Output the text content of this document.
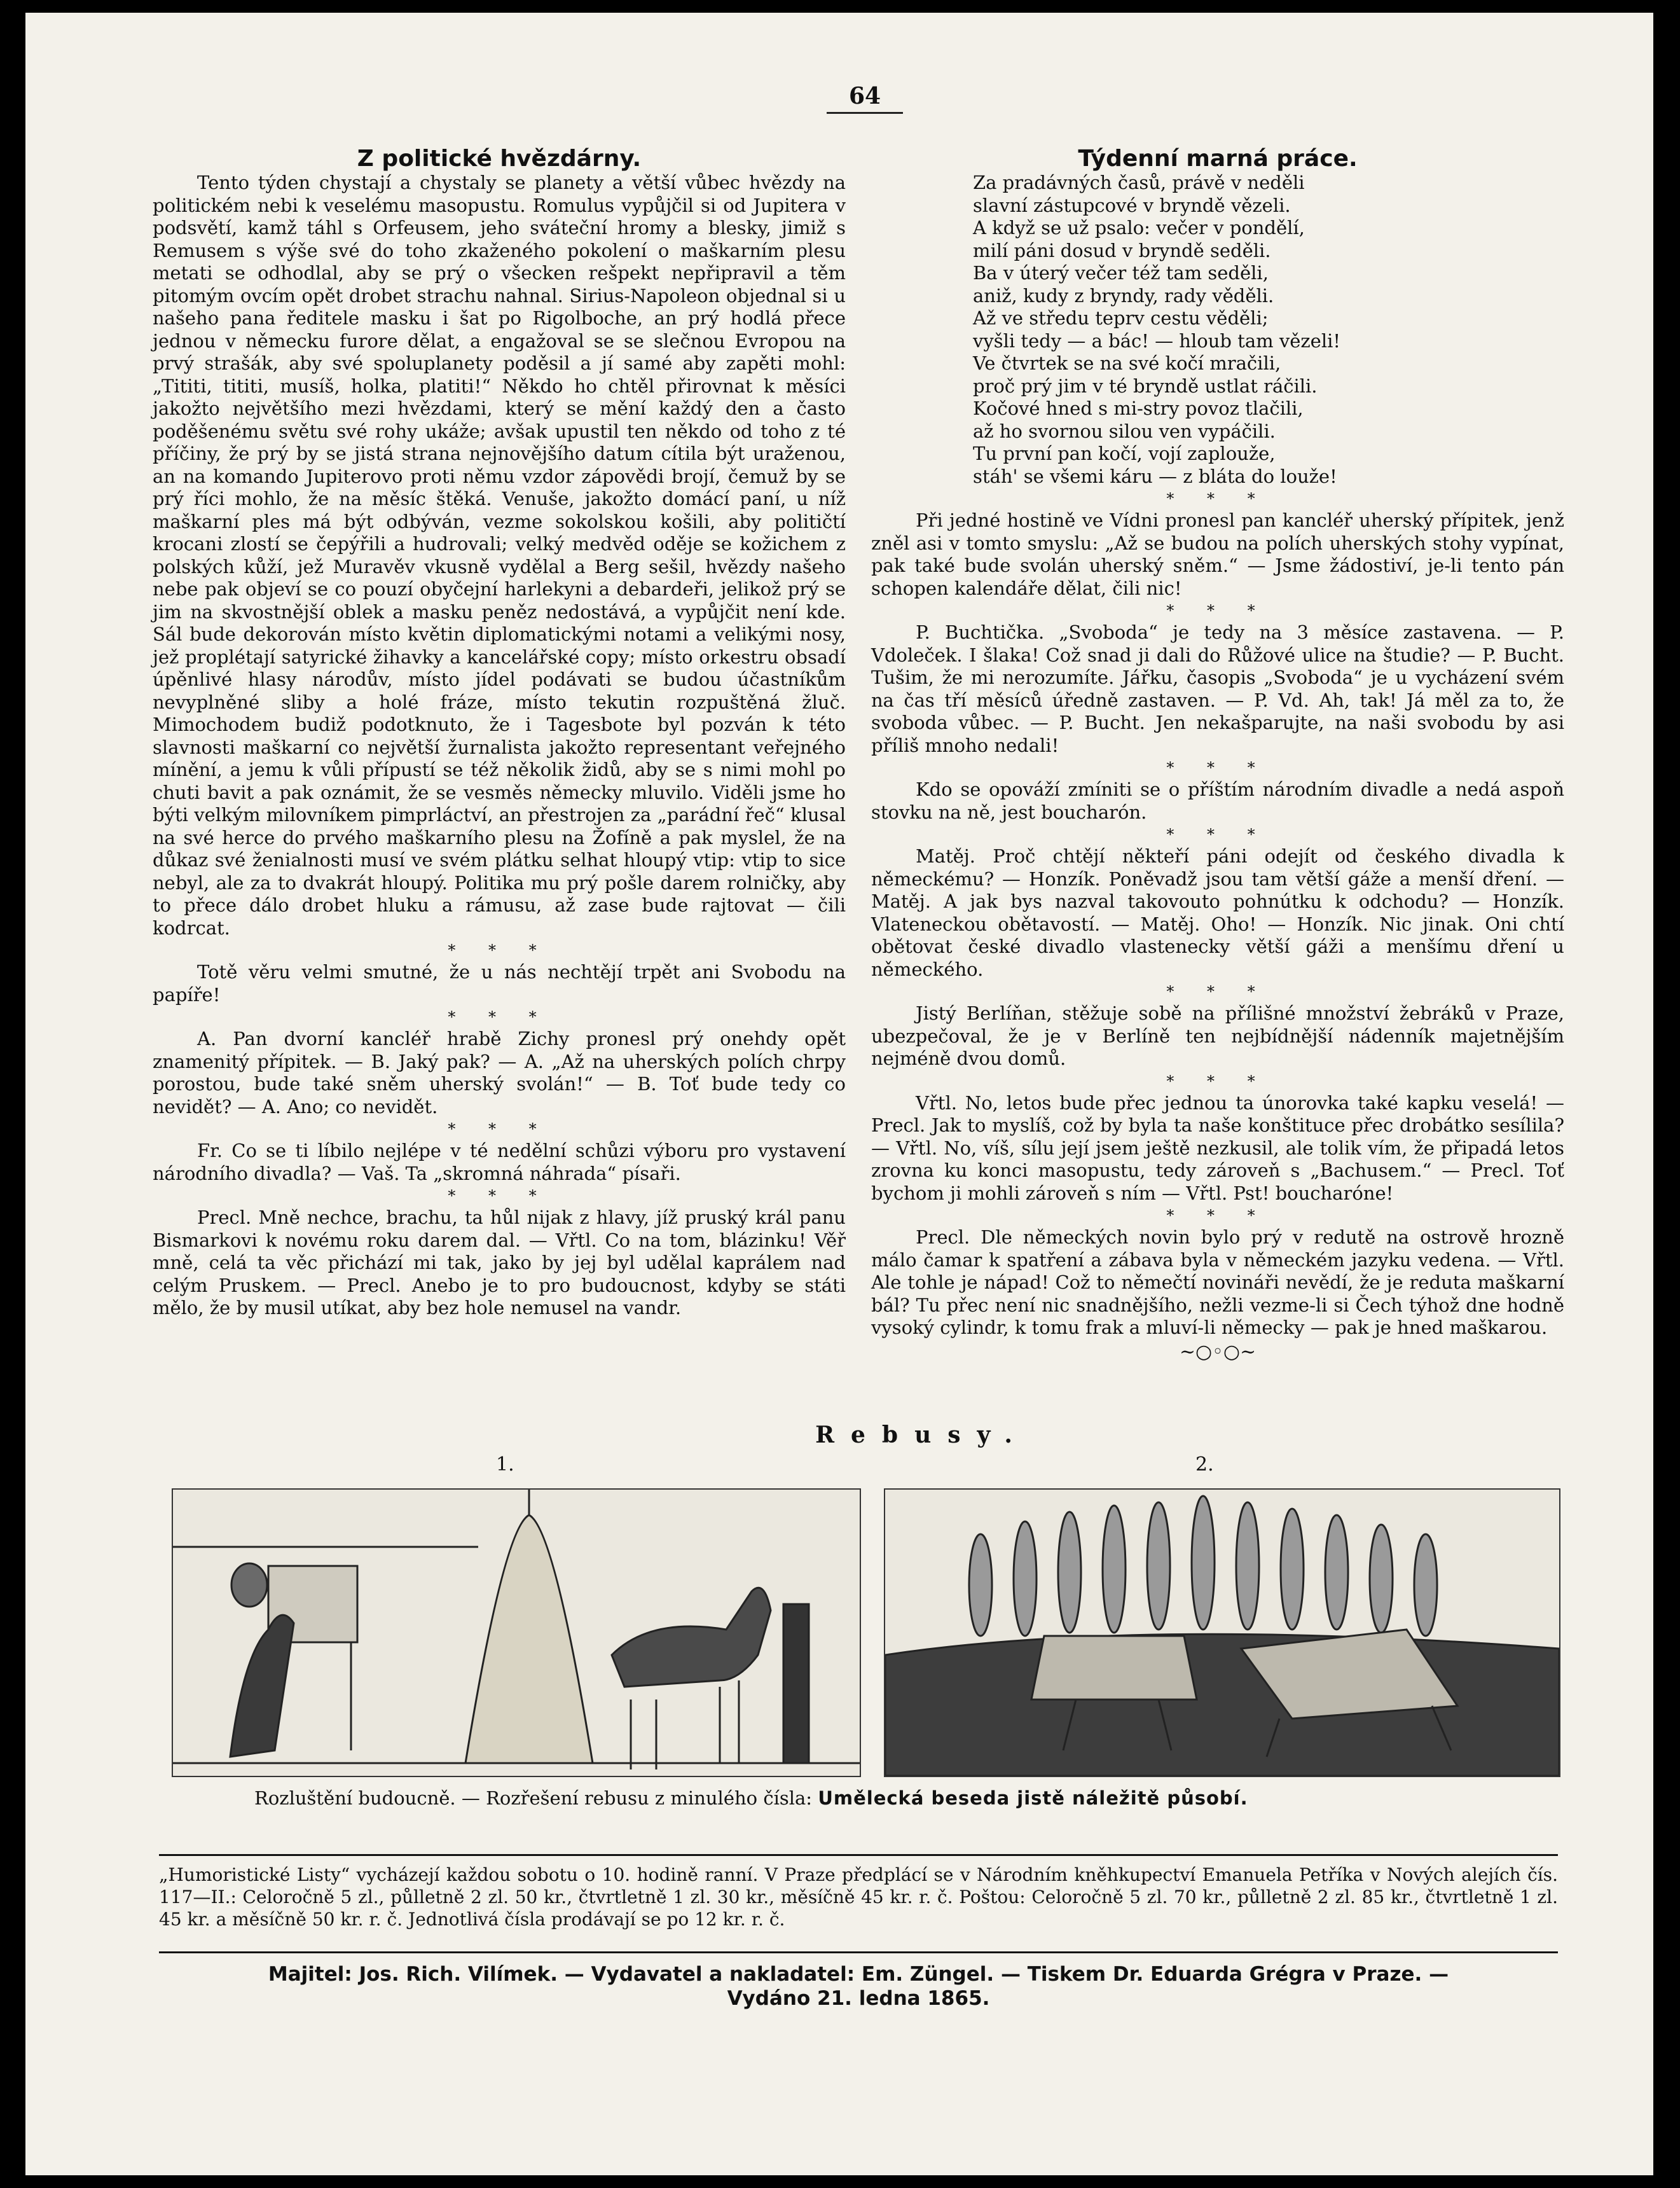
64
Z politické hvězdárny.

Tento týden chystají a chystaly se planety a větší vůbec hvězdy na politickém nebi k veselému masopustu. Romulus vypůjčil si od Jupitera v podsvětí, kamž táhl s Orfeusem, jeho sváteční hromy a blesky, jimiž s Remusem s výše své do toho zkaženého pokolení o maškarním plesu metati se odhodlal, aby se prý o všecken rešpekt nepřipravil a těm pitomým ovcím opět drobet strachu nahnal. Sirius-Napoleon objednal si u našeho pana ředitele masku i šat po Rigolboche, an prý hodlá přece jednou v německu furore dělat, a engažoval se se slečnou Evropou na prvý strašák, aby své spoluplanety poděsil a jí samé aby zapěti mohl: „Tititi, tititi, musíš, holka, platiti!“ Někdo ho chtěl přirovnat k měsíci jakožto největšího mezi hvězdami, který se mění každý den a často poděšenému světu své rohy ukáže; avšak upustil ten někdo od toho z té příčiny, že prý by se jistá strana nejnovějšího datum cítila být uraženou, an na komando Jupiterovo proti němu vzdor zápovědi brojí, čemuž by se prý říci mohlo, že na měsíc štěká. Venuše, jakožto domácí paní, u níž maškarní ples má být odbýván, vezme sokolskou košili, aby političtí krocani zlostí se čepýřili a hudrovali; velký medvěd oděje se kožichem z polských kůží, jež Muravěv vkusně vydělal a Berg sešil, hvězdy našeho nebe pak objeví se co pouzí obyčejní harlekyni a debardeři, jelikož prý se jim na skvostnější oblek a masku peněz nedostává, a vypůjčit není kde. Sál bude dekorován místo květin diplomatickými notami a velikými nosy, jež proplétají satyrické žihavky a kancelářské copy; místo orkestru obsadí úpěnlivé hlasy národův, místo jídel podávati se budou účastníkům nevyplněné sliby a holé fráze, místo tekutin rozpuštěná žluč. Mimochodem budiž podotknuto, že i Tagesbote byl pozván k této slavnosti maškarní co největší žurnalista jakožto representant veřejného mínění, a jemu k vůli přípustí se též několik židů, aby se s nimi mohl po chuti bavit a pak oznámit, že se vesměs německy mluvilo. Viděli jsme ho býti velkým milovníkem pimprláctví, an přestrojen za „parádní řeč“ klusal na své herce do prvého maškarního plesu na Žofíně a pak myslel, že na důkaz své ženialnosti musí ve svém plátku selhat hloupý vtip: vtip to sice nebyl, ale za to dvakrát hloupý. Politika mu prý pošle darem rolničky, aby to přece dálo drobet hluku a rámusu, až zase bude rajtovat — čili kodrcat.

* * *

Totě věru velmi smutné, že u nás nechtějí trpět ani Svobodu na papíře!

* * *

A. Pan dvorní kancléř hrabě Zichy pronesl prý onehdy opět znamenitý přípitek. — B. Jaký pak? — A. „Až na uherských polích chrpy porostou, bude také sněm uherský svolán!“ — B. Toť bude tedy co nevidět? — A. Ano; co nevidět.

* * *

Fr. Co se ti líbilo nejlépe v té nedělní schůzi výboru pro vystavení národního divadla? — Vaš. Ta „skromná náhrada“ písaři.

* * *

Precl. Mně nechce, brachu, ta hůl nijak z hlavy, jíž pruský král panu Bismarkovi k novému roku darem dal. — Vřtl. Co na tom, blázinku! Věř mně, celá ta věc přichází mi tak, jako by jej byl udělal kaprálem nad celým Pruskem. — Precl. Anebo je to pro budoucnost, kdyby se státi mělo, že by musil utíkat, aby bez hole nemusel na vandr.

Týdenní marná práce.

Za pradávných časů, právě v neděli
slavní zástupcové v bryndě vězeli.
A když se už psalo: večer v pondělí,
milí páni dosud v bryndě seděli.
Ba v úterý večer též tam seděli,
aniž, kudy z bryndy, rady věděli.
Až ve středu teprv cestu věděli;
vyšli tedy — a bác! — hloub tam vězeli!
Ve čtvrtek se na své kočí mračili,
proč prý jim v té bryndě ustlat ráčili.
Kočové hned s mi-stry povoz tlačili,
až ho svornou silou ven vypáčili.
Tu první pan kočí, vojí zaplouže,
stáh' se všemi káru — z bláta do louže!

* * *

Při jedné hostině ve Vídni pronesl pan kancléř uherský přípitek, jenž zněl asi v tomto smyslu: „Až se budou na polích uherských stohy vypínat, pak také bude svolán uherský sněm.“ — Jsme žádostiví, je-li tento pán schopen kalendáře dělat, čili nic!

* * *

P. Buchtička. „Svoboda“ je tedy na 3 měsíce zastavena. — P. Vdoleček. I šlaka! Což snad ji dali do Růžové ulice na študie? — P. Bucht. Tušim, že mi nerozumíte. Jářku, časopis „Svoboda“ je u vycházení svém na čas tří měsíců úředně zastaven. — P. Vd. Ah, tak! Já měl za to, že svoboda vůbec. — P. Bucht. Jen nekašparujte, na naši svobodu by asi příliš mnoho nedali!

* * *

Kdo se opováží zmíniti se o příštím národním divadle a nedá aspoň stovku na ně, jest boucharón.

* * *

Matěj. Proč chtějí někteří páni odejít od českého divadla k německému? — Honzík. Poněvadž jsou tam větší gáže a menší dření. — Matěj. A jak bys nazval takovouto pohnútku k odchodu? — Honzík. Vlateneckou obětavostí. — Matěj. Oho! — Honzík. Nic jinak. Oni chtí obětovat české divadlo vlastenecky větší gáži a menšímu dření u německého.

* * *

Jistý Berlíňan, stěžuje sobě na přílišné množství žebráků v Praze, ubezpečoval, že je v Berlíně ten nejbídnější nádenník majetnějším nejméně dvou domů.

* * *

Vřtl. No, letos bude přec jednou ta únorovka také kapku veselá! — Precl. Jak to myslíš, což by byla ta naše konštituce přec drobátko sesílila? — Vřtl. No, víš, sílu její jsem ještě nezkusil, ale tolik vím, že připadá letos zrovna ku konci masopustu, tedy zároveň s „Bachusem.“ — Precl. Toť bychom ji mohli zároveň s ním — Vřtl. Pst! boucharóne!

* * *

Precl. Dle německých novin bylo prý v redutě na ostrově hrozně málo čamar k spatření a zábava byla v německém jazyku vedena. — Vřtl. Ale tohle je nápad! Což to němečtí novináři nevědí, že je reduta maškarní bál? Tu přec není nic snadnějšího, nežli vezme-li si Čech týhož dne hodně vysoký cylindr, k tomu frak a mluví-li německy — pak je hned maškarou.

~○◦○~
Rebusy.
1.	2.
Rozluštění budoucně. — Rozřešení rebusu z minulého čísla: Umělecká beseda jistě náležitě působí.
„Humoristické Listy“ vycházejí každou sobotu o 10. hodině ranní. V Praze předplácí se v Národním kněhkupectví Emanuela Petříka v Nových alejích čís. 117—II.: Celoročně 5 zl., půlletně 2 zl. 50 kr., čtvrtletně 1 zl. 30 kr., měsíčně 45 kr. r. č. Poštou: Celoročně 5 zl. 70 kr., půlletně 2 zl. 85 kr., čtvrtletně 1 zl. 45 kr. a měsíčně 50 kr. r. č. Jednotlivá čísla prodávají se po 12 kr. r. č.
Majitel: Jos. Rich. Vilímek. — Vydavatel a nakladatel: Em. Züngel. — Tiskem Dr. Eduarda Grégra v Praze. —
Vydáno 21. ledna 1865.
